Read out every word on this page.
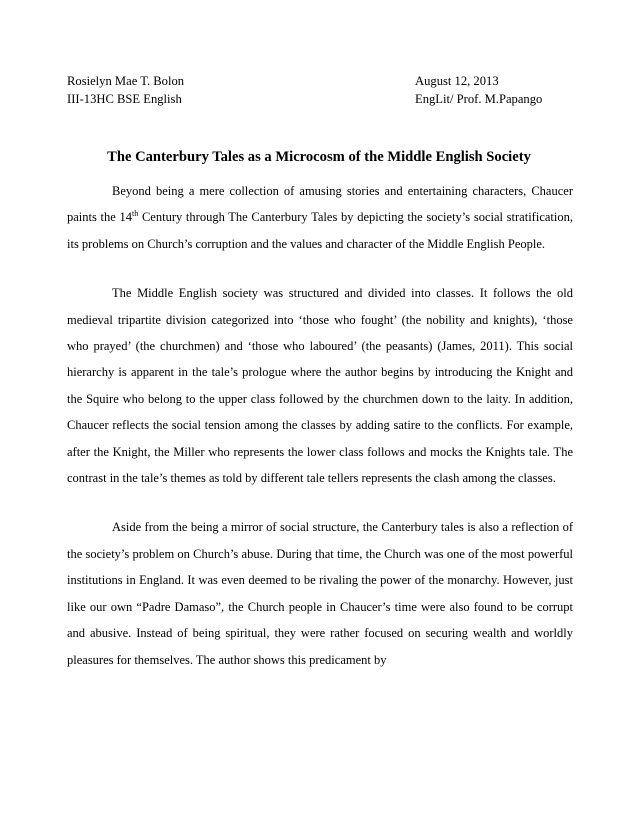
Rosielyn Mae T. Bolon
III-13HC BSE English
August 12, 2013
EngLit/ Prof. M.Papango
The Canterbury Tales as a Microcosm of the Middle English Society

Beyond being a mere collection of amusing stories and entertaining characters, Chaucer paints the 14th Century through The Canterbury Tales by depicting the society’s social stratification, its problems on Church’s corruption and the values and character of the Middle English People.

The Middle English society was structured and divided into classes. It follows the old medieval tripartite division categorized into ‘those who fought’ (the nobility and knights), ‘those who prayed’ (the churchmen) and ‘those who laboured’ (the peasants) (James, 2011). This social hierarchy is apparent in the tale’s prologue where the author begins by introducing the Knight and the Squire who belong to the upper class followed by the churchmen down to the laity. In addition, Chaucer reflects the social tension among the classes by adding satire to the conflicts. For example, after the Knight, the Miller who represents the lower class follows and mocks the Knights tale. The contrast in the tale’s themes as told by different tale tellers represents the clash among the classes.

Aside from the being a mirror of social structure, the Canterbury tales is also a reflection of the society’s problem on Church’s abuse. During that time, the Church was one of the most powerful institutions in England. It was even deemed to be rivaling the power of the monarchy. However, just like our own “Padre Damaso”, the Church people in Chaucer’s time were also found to be corrupt and abusive. Instead of being spiritual, they were rather focused on securing wealth and worldly pleasures for themselves. The author shows this predicament by
